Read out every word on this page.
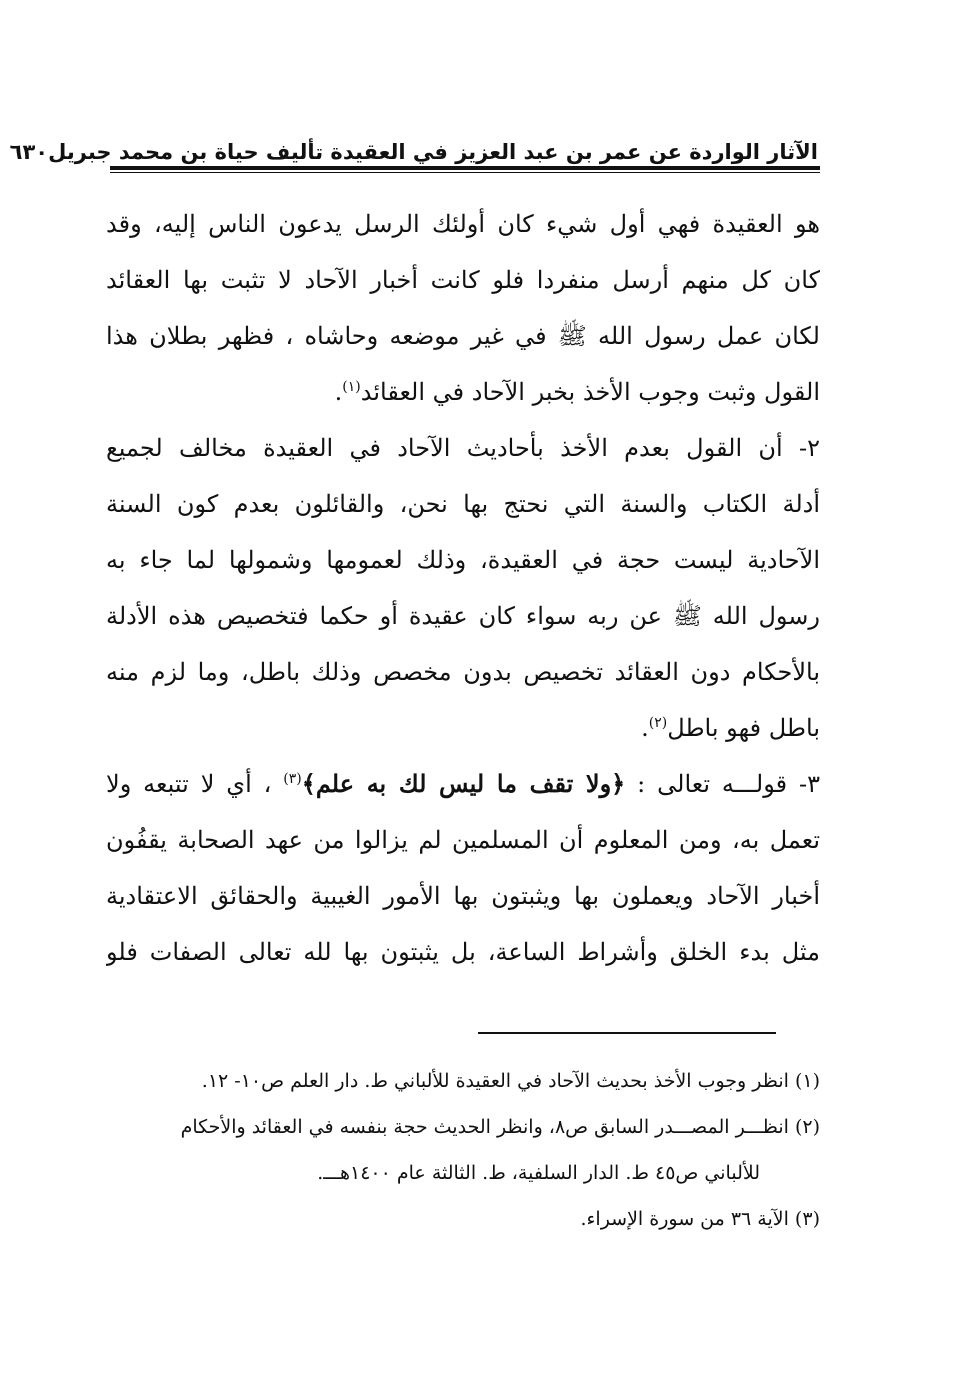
الآثار الواردة عن عمر بن عبد العزيز في العقيدة تأليف حياة بن محمد جبريل
٦٣٠
هو العقيدة فهي أول شيء كان أولئك الرسل يدعون الناس إليه، وقد
كان كل منهم أرسل منفردا فلو كانت أخبار الآحاد لا تثبت بها العقائد
لكان عمل رسول الله ﷺ في غير موضعه وحاشاه ، فظهر بطلان هذا
القول وثبت وجوب الأخذ بخبر الآحاد في العقائد$^{(١)}$.
٢- أن القول بعدم الأخذ بأحاديث الآحاد في العقيدة مخالف لجميع
أدلة الكتاب والسنة التي نحتج بها نحن، والقائلون بعدم كون السنة
الآحادية ليست حجة في العقيدة، وذلك لعمومها وشمولها لما جاء به
رسول الله ﷺ عن ربه سواء كان عقيدة أو حكما فتخصيص هذه الأدلة
بالأحكام دون العقائد تخصيص بدون مخصص وذلك باطل، وما لزم منه
باطل فهو باطل$^{(٢)}$.
٣- قولـــه تعالى : ﴿ولا تقف ما ليس لك به علم﴾$^{(٣)}$ ، أي لا تتبعه ولا
تعمل به، ومن المعلوم أن المسلمين لم يزالوا من عهد الصحابة يقفُون
أخبار الآحاد ويعملون بها ويثبتون بها الأمور الغيبية والحقائق الاعتقادية
مثل بدء الخلق وأشراط الساعة، بل يثبتون بها لله تعالى الصفات فلو
(١) انظر وجوب الأخذ بحديث الآحاد في العقيدة للألباني ط. دار العلم ص١٠- ١٢.
(٢) انظـــر المصـــدر السابق ص٨، وانظر الحديث حجة بنفسه في العقائد والأحكام
للألباني ص٤٥ ط. الدار السلفية، ط. الثالثة عام ١٤٠٠هـــ.
(٣) الآية ٣٦ من سورة الإسراء.
